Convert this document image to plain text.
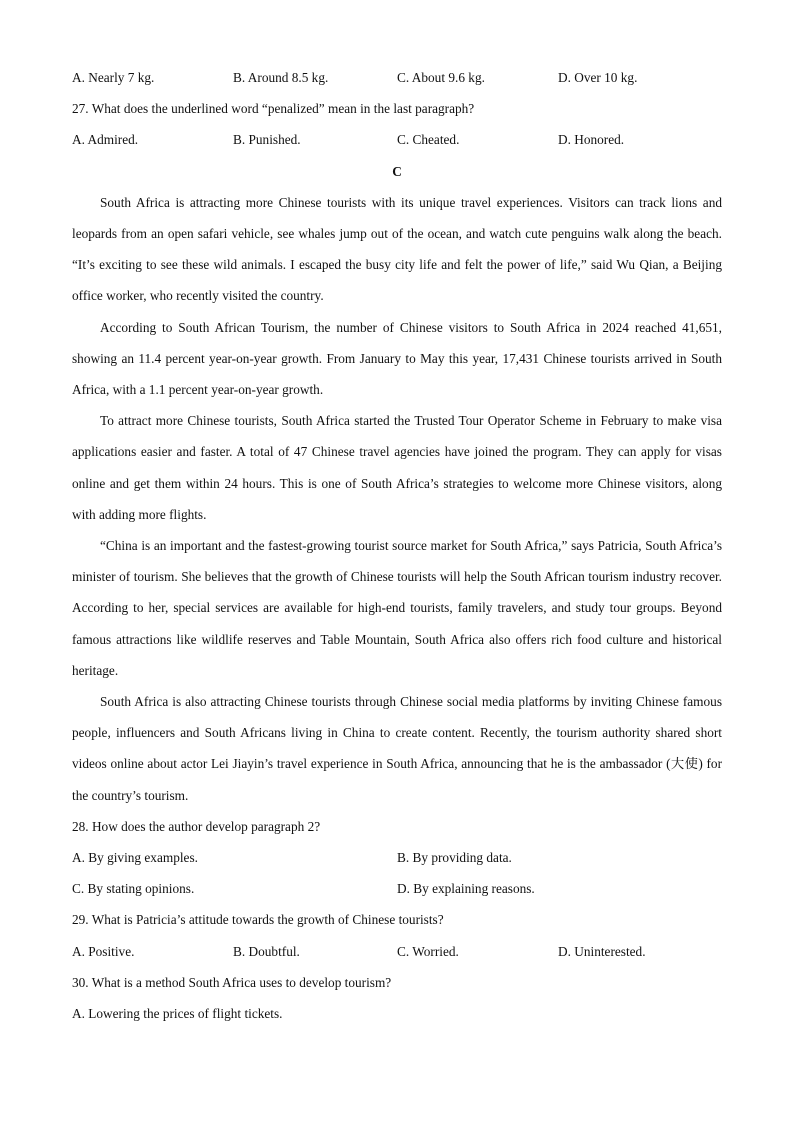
A. Nearly 7 kg.	B. Around 8.5 kg.	C. About 9.6 kg.	D. Over 10 kg.
27. What does the underlined word “penalized” mean in the last paragraph?
A. Admired.	B. Punished.	C. Cheated.	D. Honored.
C
South Africa is attracting more Chinese tourists with its unique travel experiences. Visitors can track lions and leopards from an open safari vehicle, see whales jump out of the ocean, and watch cute penguins walk along the beach. “It’s exciting to see these wild animals. I escaped the busy city life and felt the power of life,” said Wu Qian, a Beijing office worker, who recently visited the country.
According to South African Tourism, the number of Chinese visitors to South Africa in 2024 reached 41,651, showing an 11.4 percent year-on-year growth. From January to May this year, 17,431 Chinese tourists arrived in South Africa, with a 1.1 percent year-on-year growth.
To attract more Chinese tourists, South Africa started the Trusted Tour Operator Scheme in February to make visa applications easier and faster. A total of 47 Chinese travel agencies have joined the program. They can apply for visas online and get them within 24 hours. This is one of South Africa’s strategies to welcome more Chinese visitors, along with adding more flights.
“China is an important and the fastest-growing tourist source market for South Africa,” says Patricia, South Africa’s minister of tourism. She believes that the growth of Chinese tourists will help the South African tourism industry recover. According to her, special services are available for high-end tourists, family travelers, and study tour groups. Beyond famous attractions like wildlife reserves and Table Mountain, South Africa also offers rich food culture and historical heritage.
South Africa is also attracting Chinese tourists through Chinese social media platforms by inviting Chinese famous people, influencers and South Africans living in China to create content. Recently, the tourism authority shared short videos online about actor Lei Jiayin’s travel experience in South Africa, announcing that he is the ambassador (大使) for the country’s tourism.
28. How does the author develop paragraph 2?
A. By giving examples.	B. By providing data.
C. By stating opinions.	D. By explaining reasons.
29. What is Patricia’s attitude towards the growth of Chinese tourists?
A. Positive.	B. Doubtful.	C. Worried.	D. Uninterested.
30. What is a method South Africa uses to develop tourism?
A. Lowering the prices of flight tickets.
